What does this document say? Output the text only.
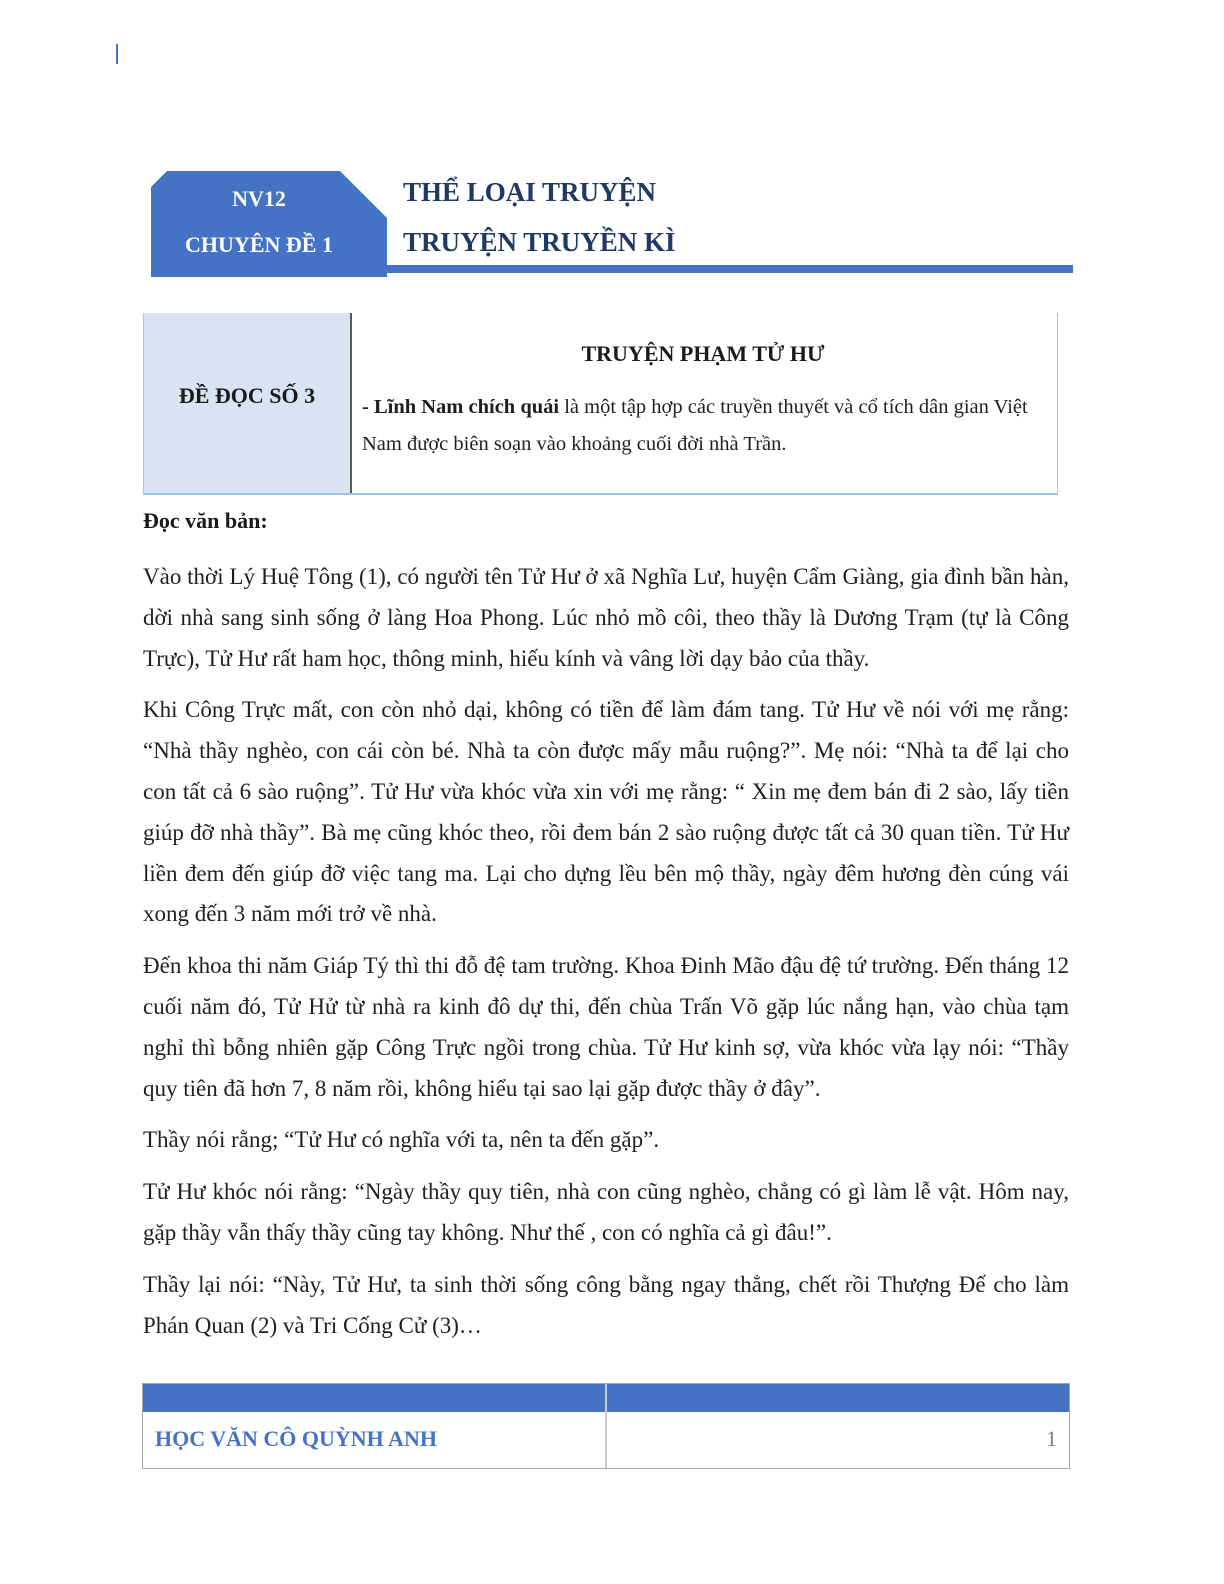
NV12
CHUYÊN ĐỀ 1
THỂ LOẠI TRUYỆN
TRUYỆN TRUYỀN KÌ
ĐỀ ĐỌC SỐ 3
TRUYỆN PHẠM TỬ HƯ
- Lĩnh Nam chích quái là một tập hợp các truyền thuyết và cổ tích dân gian Việt Nam được biên soạn vào khoảng cuối đời nhà Trần.
Đọc văn bản:

Vào thời Lý Huệ Tông (1), có người tên Tử Hư ở xã Nghĩa Lư, huyện Cẩm Giàng, gia đình bần hàn, dời nhà sang sinh sống ở làng Hoa Phong. Lúc nhỏ mồ côi, theo thầy là Dương Trạm (tự là Công Trực), Tử Hư rất ham học, thông minh, hiếu kính và vâng lời dạy bảo của thầy.

Khi Công Trực mất, con còn nhỏ dại, không có tiền để làm đám tang. Tử Hư về nói với mẹ rằng: “Nhà thầy nghèo, con cái còn bé. Nhà ta còn được mấy mẫu ruộng?”. Mẹ nói: “Nhà ta để lại cho con tất cả 6 sào ruộng”. Tử Hư vừa khóc vừa xin với mẹ rằng: “ Xin mẹ đem bán đi 2 sào, lấy tiền giúp đỡ nhà thầy”. Bà mẹ cũng khóc theo, rồi đem bán 2 sào ruộng được tất cả 30 quan tiền. Tử Hư liền đem đến giúp đỡ việc tang ma. Lại cho dựng lều bên mộ thầy, ngày đêm hương đèn cúng vái xong đến 3 năm mới trở về nhà.

Đến khoa thi năm Giáp Tý thì thi đỗ đệ tam trường. Khoa Đinh Mão đậu đệ tứ trường. Đến tháng 12 cuối năm đó, Tử Hử từ nhà ra kinh đô dự thi, đến chùa Trấn Võ gặp lúc nắng hạn, vào chùa tạm nghỉ thì bỗng nhiên gặp Công Trực ngồi trong chùa. Tử Hư kinh sợ, vừa khóc vừa lạy nói: “Thầy quy tiên đã hơn 7, 8 năm rồi, không hiểu tại sao lại gặp được thầy ở đây”.

Thầy nói rằng; “Tử Hư có nghĩa với ta, nên ta đến gặp”.

Tử Hư khóc nói rằng: “Ngày thầy quy tiên, nhà con cũng nghèo, chẳng có gì làm lễ vật. Hôm nay, gặp thầy vẫn thấy thầy cũng tay không. Như thế , con có nghĩa cả gì đâu!”.

Thầy lại nói: “Này, Tử Hư, ta sinh thời sống công bằng ngay thẳng, chết rồi Thượng Đế cho làm Phán Quan (2) và Tri Cống Cử (3)…

HỌC VĂN CÔ QUỲNH ANH	1
